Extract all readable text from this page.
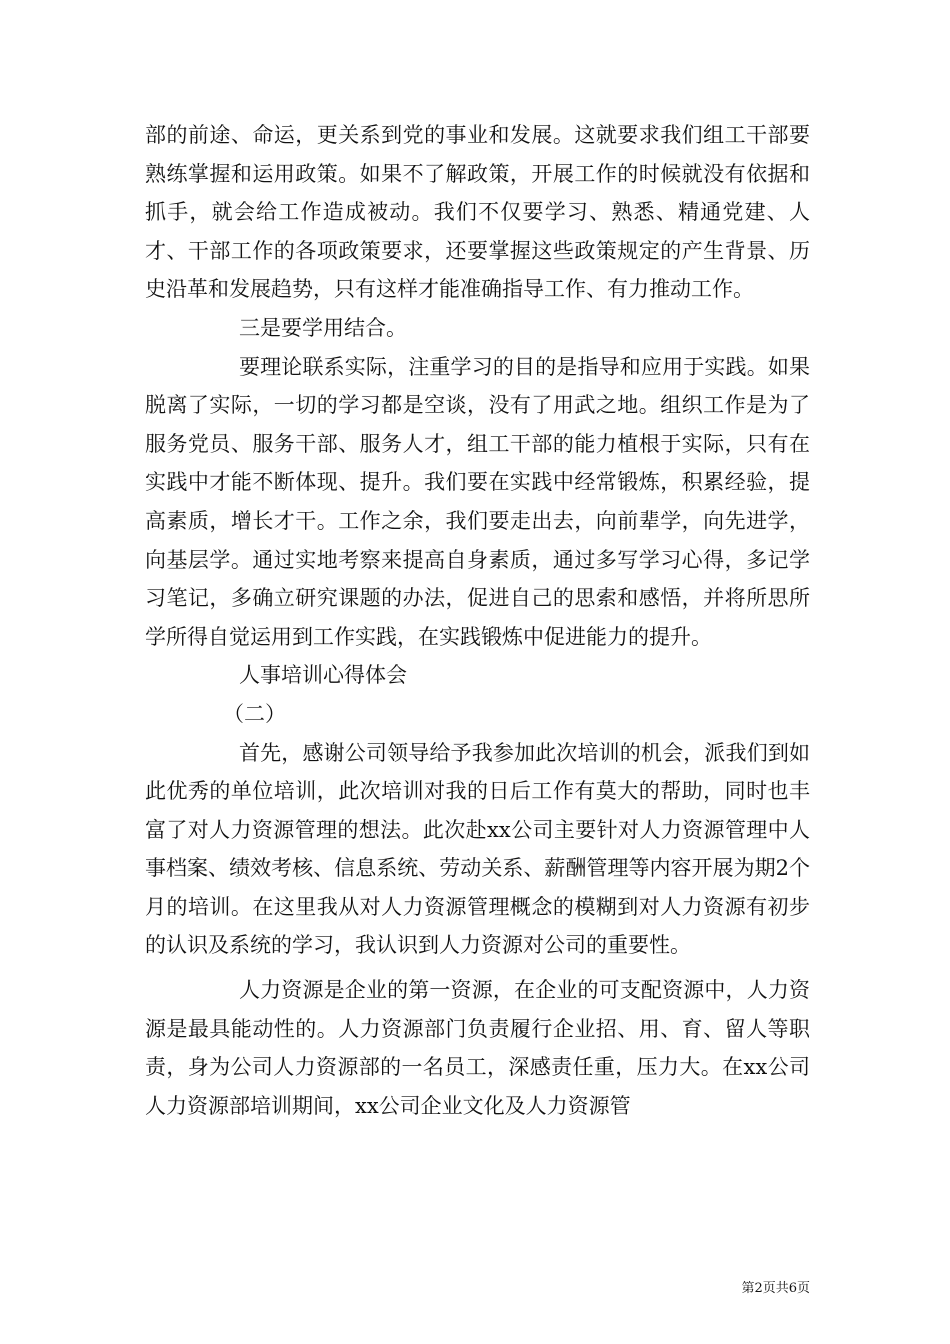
部的前途、命运，更关系到党的事业和发展。这就要求我们组工干部要熟练掌握和运用政策。如果不了解政策，开展工作的时候就没有依据和抓手，就会给工作造成被动。我们不仅要学习、熟悉、精通党建、人才、干部工作的各项政策要求，还要掌握这些政策规定的产生背景、历史沿革和发展趋势，只有这样才能准确指导工作、有力推动工作。

三是要学用结合。

要理论联系实际，注重学习的目的是指导和应用于实践。如果脱离了实际，一切的学习都是空谈，没有了用武之地。组织工作是为了服务党员、服务干部、服务人才，组工干部的能力植根于实际，只有在实践中才能不断体现、提升。我们要在实践中经常锻炼，积累经验，提高素质，增长才干。工作之余，我们要走出去，向前辈学，向先进学，向基层学。通过实地考察来提高自身素质，通过多写学习心得，多记学习笔记，多确立研究课题的办法，促进自己的思索和感悟，并将所思所学所得自觉运用到工作实践，在实践锻炼中促进能力的提升。

人事培训心得体会

（二）

首先，感谢公司领导给予我参加此次培训的机会，派我们到如此优秀的单位培训，此次培训对我的日后工作有莫大的帮助，同时也丰富了对人力资源管理的想法。此次赴xx公司主要针对人力资源管理中人事档案、绩效考核、信息系统、劳动关系、薪酬管理等内容开展为期2个月的培训。在这里我从对人力资源管理概念的模糊到对人力资源有初步的认识及系统的学习，我认识到人力资源对公司的重要性。

人力资源是企业的第一资源，在企业的可支配资源中，人力资源是最具能动性的。人力资源部门负责履行企业招、用、育、留人等职责，身为公司人力资源部的一名员工，深感责任重，压力大。在xx公司人力资源部培训期间，xx公司企业文化及人力资源管

第2页共6页
